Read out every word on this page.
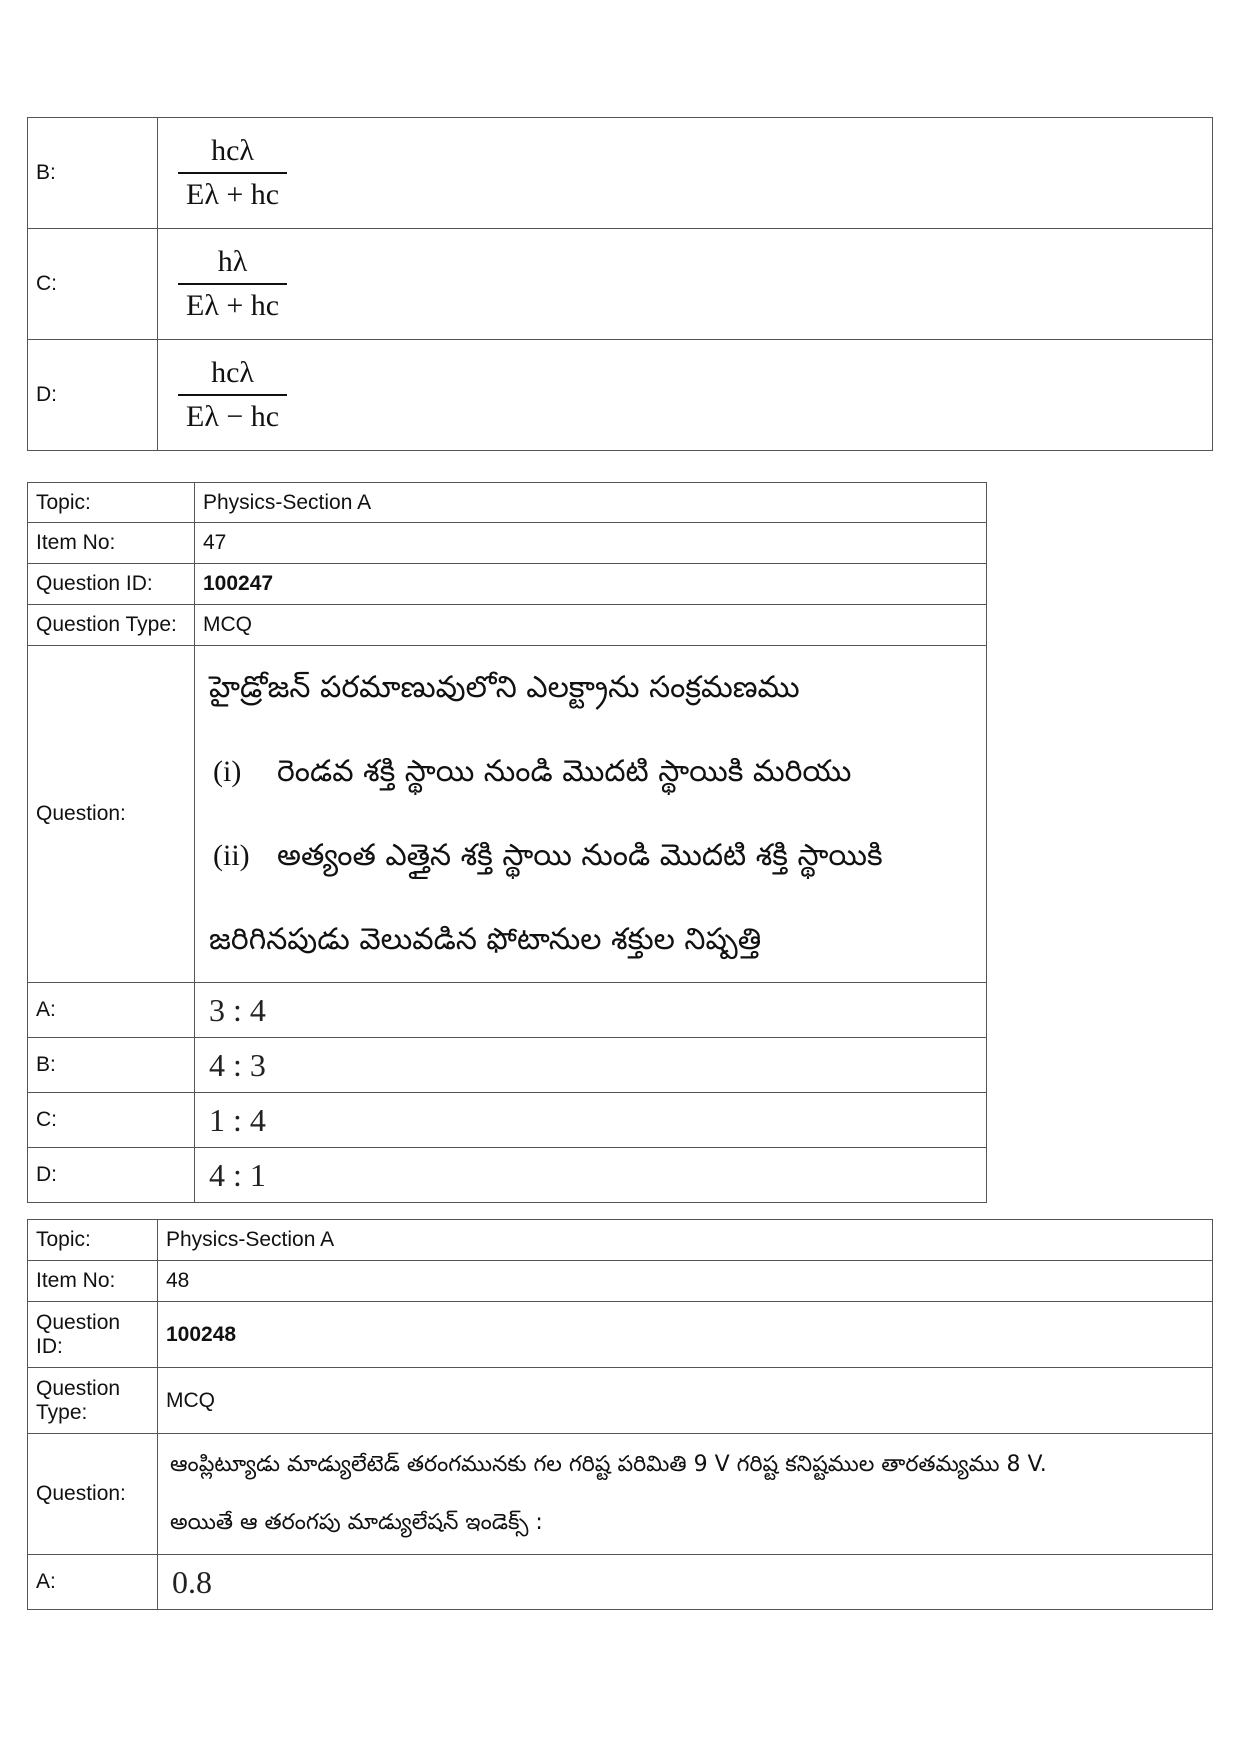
B:	$\frac{\text{hcλ}}{E\lambda + hc}$

C:	$\frac{h\lambda}{E\lambda + hc}$

D:	$\frac{\text{hcλ}}{E\lambda - hc}$
Topic:	Physics-Section A
Item No:	47
Question ID:	100247
Question Type:	MCQ
Question:	హైడ్రోజన్ పరమాణువులోని ఎలక్ట్రాను సంక్రమణము

(i) రెండవ శక్తి స్థాయి నుండి మొదటి స్థాయికి మరియు

(ii) అత్యంత ఎత్తైన శక్తి స్థాయి నుండి మొదటి శక్తి స్థాయికి

జరిగినపుడు వెలువడిన ఫోటానుల శక్తుల నిష్పత్తి

A:	3 : 4
B:	4 : 3
C:	1 : 4
D:	4 : 1
Topic:	Physics-Section A
Item No:	48
Question ID:	100248
Question Type:	MCQ
Question:	ఆంప్లిట్యూడు మాడ్యులేటెడ్ తరంగమునకు గల గరిష్ట పరిమితి 9 V గరిష్ట కనిష్టముల తారతమ్యము 8 V.

అయితే ఆ తరంగపు మాడ్యులేషన్ ఇండెక్స్ :

A:	0.8
